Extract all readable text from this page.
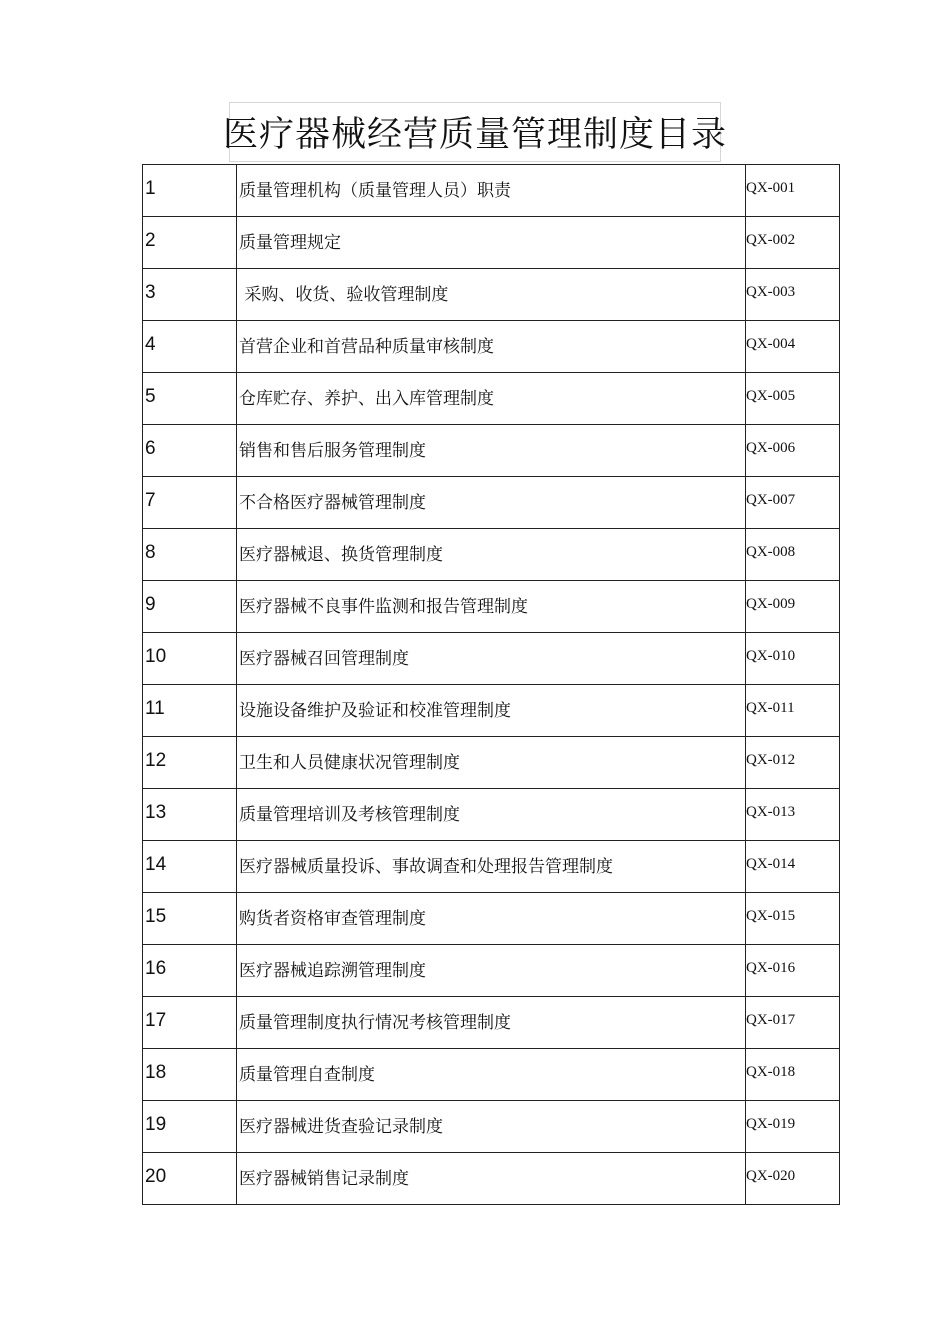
医疗器械经营质量管理制度目录
1	质量管理机构（质量管理人员）职责	QX-001
2	质量管理规定	QX-002
3	采购、收货、验收管理制度	QX-003
4	首营企业和首营品种质量审核制度	QX-004
5	仓库贮存、养护、出入库管理制度	QX-005
6	销售和售后服务管理制度	QX-006
7	不合格医疗器械管理制度	QX-007
8	医疗器械退、换货管理制度	QX-008
9	医疗器械不良事件监测和报告管理制度	QX-009
10	医疗器械召回管理制度	QX-010
11	设施设备维护及验证和校准管理制度	QX-011
12	卫生和人员健康状况管理制度	QX-012
13	质量管理培训及考核管理制度	QX-013
14	医疗器械质量投诉、事故调查和处理报告管理制度	QX-014
15	购货者资格审查管理制度	QX-015
16	医疗器械追踪溯管理制度	QX-016
17	质量管理制度执行情况考核管理制度	QX-017
18	质量管理自查制度	QX-018
19	医疗器械进货查验记录制度	QX-019
20	医疗器械销售记录制度	QX-020
